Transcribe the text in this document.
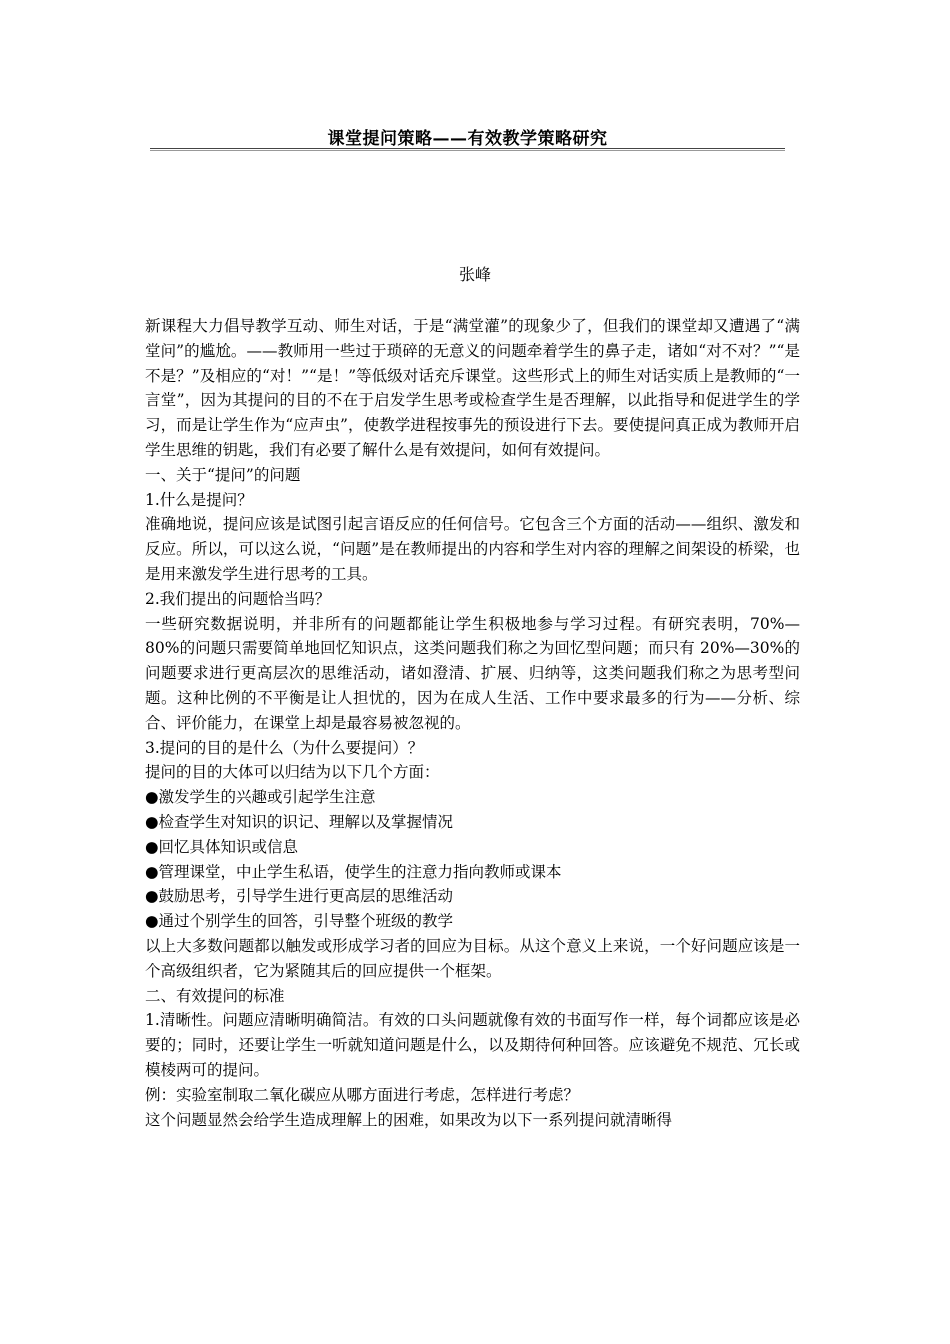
课堂提问策略——有效教学策略研究
张峰

新课程大力倡导教学互动、师生对话，于是“满堂灌”的现象少了，但我们的课堂却又遭遇了“满堂问”的尴尬。——教师用一些过于琐碎的无意义的问题牵着学生的鼻子走，诸如“对不对？”“是不是？”及相应的“对！”“是！”等低级对话充斥课堂。这些形式上的师生对话实质上是教师的“一言堂”，因为其提问的目的不在于启发学生思考或检查学生是否理解，以此指导和促进学生的学习，而是让学生作为“应声虫”，使教学进程按事先的预设进行下去。要使提问真正成为教师开启学生思维的钥匙，我们有必要了解什么是有效提问，如何有效提问。

一、关于“提问”的问题

1.什么是提问？

准确地说，提问应该是试图引起言语反应的任何信号。它包含三个方面的活动——组织、激发和反应。所以，可以这么说，“问题”是在教师提出的内容和学生对内容的理解之间架设的桥梁，也是用来激发学生进行思考的工具。

2.我们提出的问题恰当吗？

一些研究数据说明，并非所有的问题都能让学生积极地参与学习过程。有研究表明，70%—80%的问题只需要简单地回忆知识点，这类问题我们称之为回忆型问题；而只有 20%—30%的问题要求进行更高层次的思维活动，诸如澄清、扩展、归纳等，这类问题我们称之为思考型问题。这种比例的不平衡是让人担忧的，因为在成人生活、工作中要求最多的行为——分析、综合、评价能力，在课堂上却是最容易被忽视的。

3.提问的目的是什么（为什么要提问）？

提问的目的大体可以归结为以下几个方面：

●激发学生的兴趣或引起学生注意

●检查学生对知识的识记、理解以及掌握情况

●回忆具体知识或信息

●管理课堂，中止学生私语，使学生的注意力指向教师或课本

●鼓励思考，引导学生进行更高层的思维活动

●通过个别学生的回答，引导整个班级的教学

以上大多数问题都以触发或形成学习者的回应为目标。从这个意义上来说，一个好问题应该是一个高级组织者，它为紧随其后的回应提供一个框架。

二、有效提问的标准

1.清晰性。问题应清晰明确简洁。有效的口头问题就像有效的书面写作一样，每个词都应该是必要的；同时，还要让学生一听就知道问题是什么，以及期待何种回答。应该避免不规范、冗长或模棱两可的提问。

例：实验室制取二氧化碳应从哪方面进行考虑，怎样进行考虑？

这个问题显然会给学生造成理解上的困难，如果改为以下一系列提问就清晰得
